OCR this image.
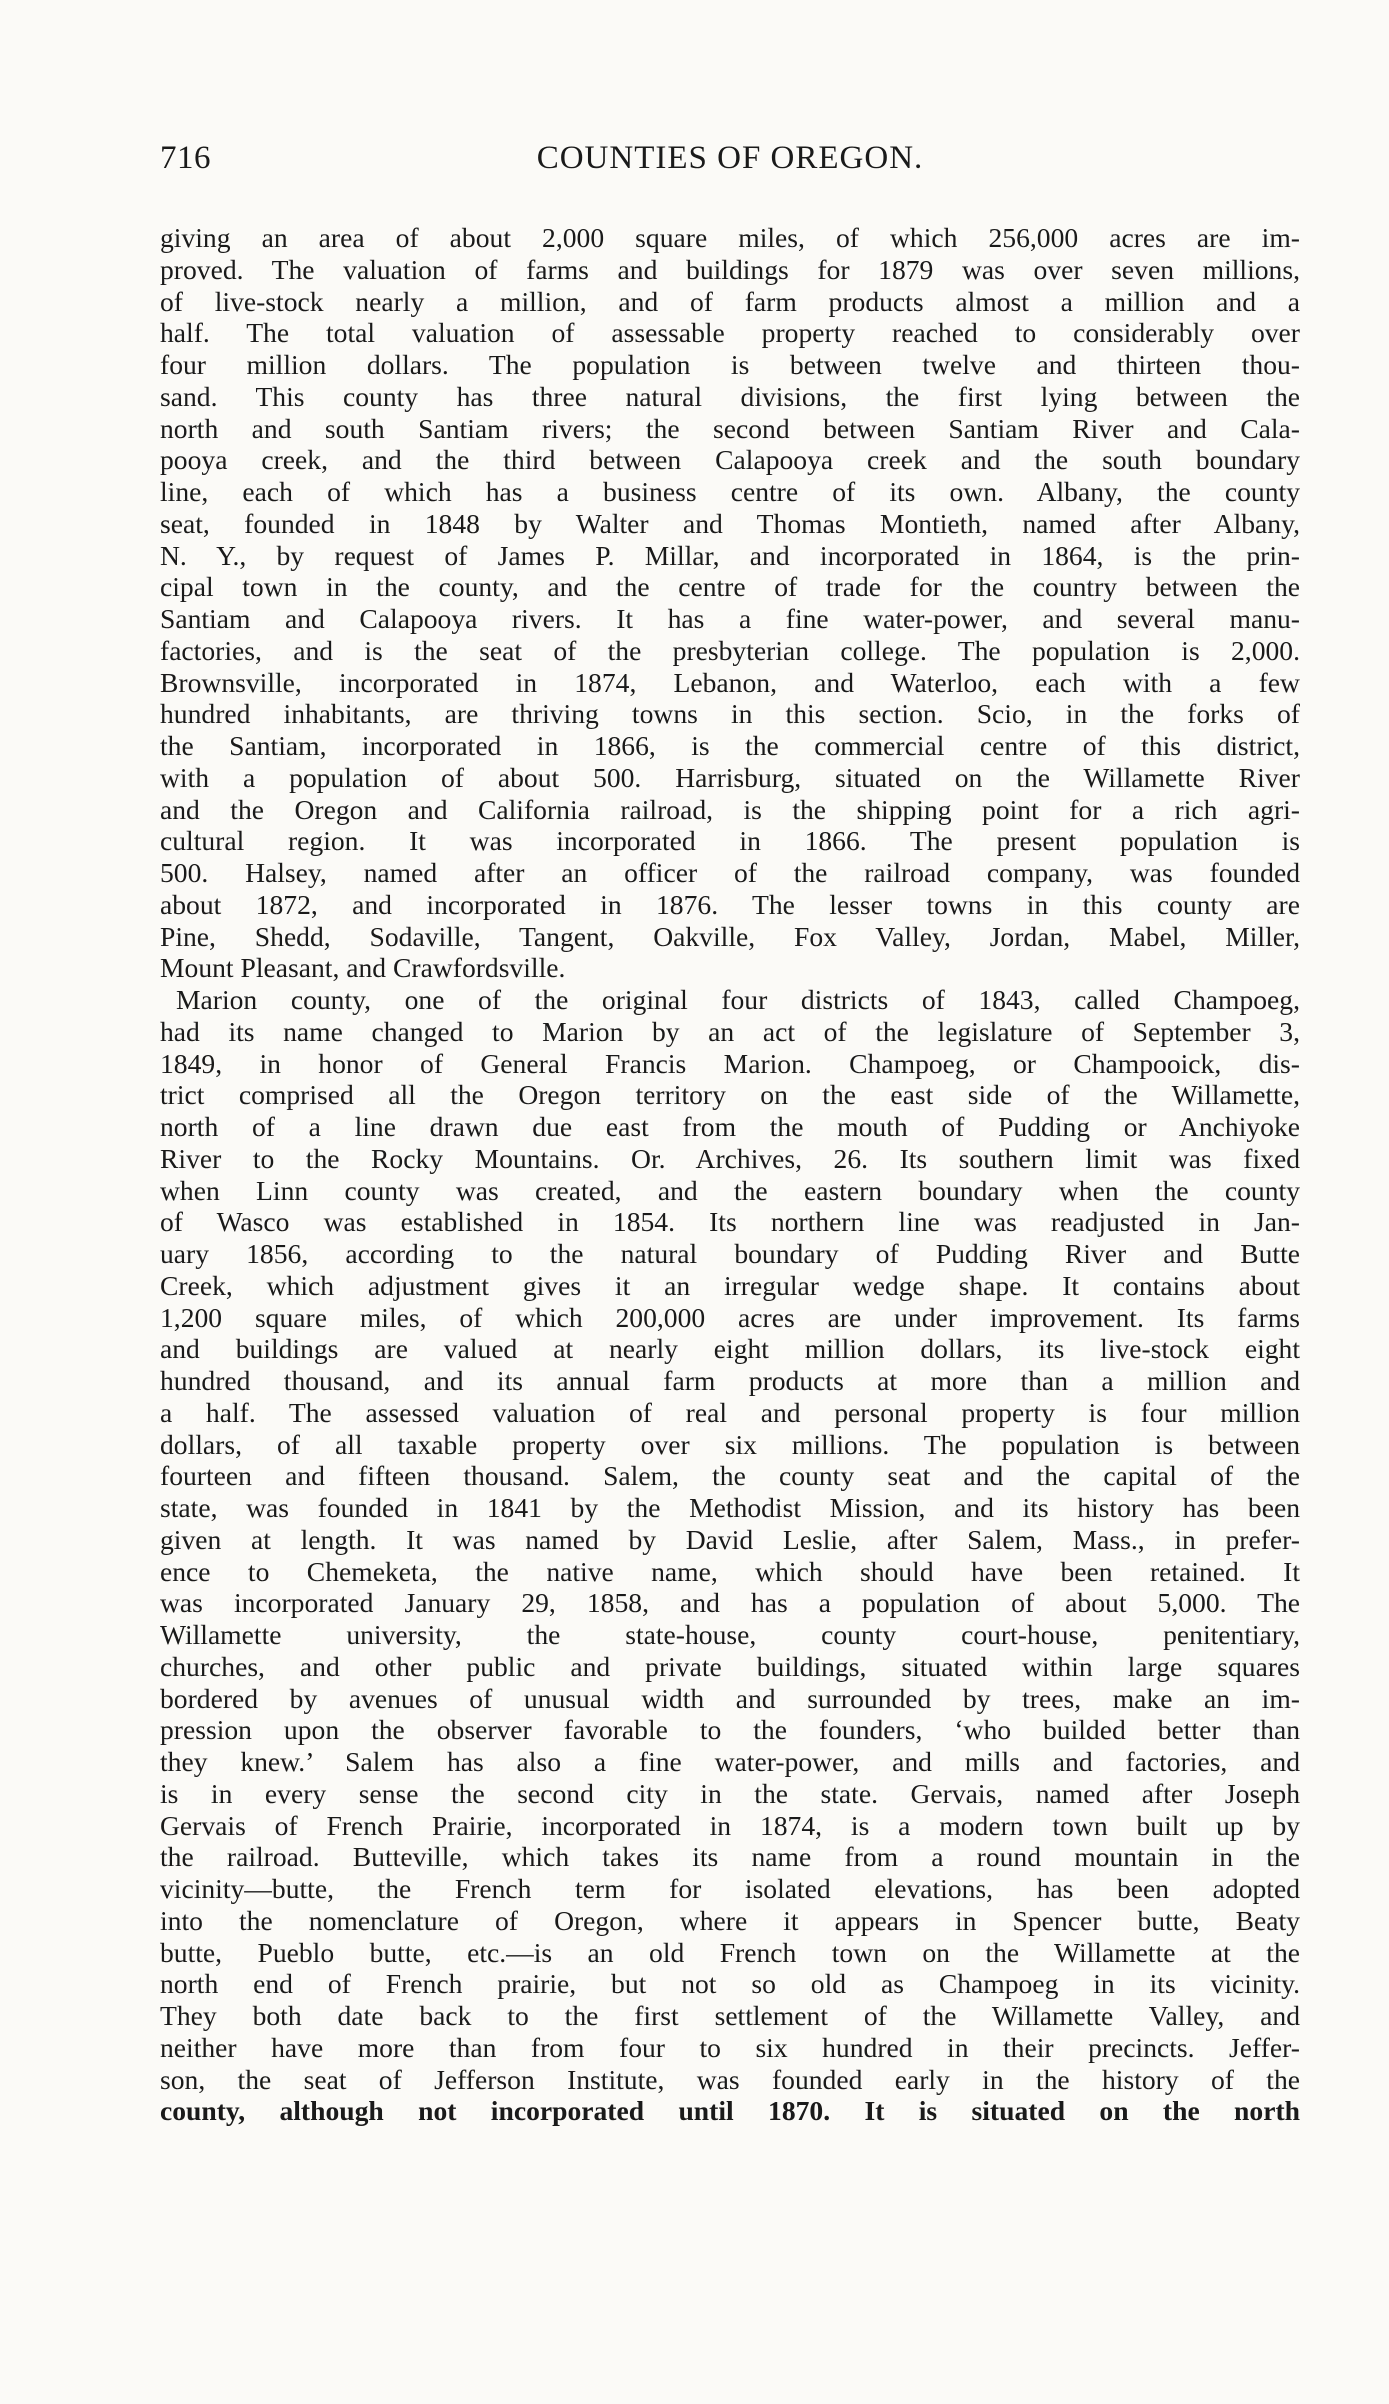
716	COUNTIES OF OREGON.
giving an area of about 2,000 square miles, of which 256,000 acres are im-
proved. The valuation of farms and buildings for 1879 was over seven millions,
of live-stock nearly a million, and of farm products almost a million and a
half. The total valuation of assessable property reached to considerably over
four million dollars. The population is between twelve and thirteen thou-
sand. This county has three natural divisions, the first lying between the
north and south Santiam rivers; the second between Santiam River and Cala-
pooya creek, and the third between Calapooya creek and the south boundary
line, each of which has a business centre of its own. Albany, the county
seat, founded in 1848 by Walter and Thomas Montieth, named after Albany,
N. Y., by request of James P. Millar, and incorporated in 1864, is the prin-
cipal town in the county, and the centre of trade for the country between the
Santiam and Calapooya rivers. It has a fine water-power, and several manu-
factories, and is the seat of the presbyterian college. The population is 2,000.
Brownsville, incorporated in 1874, Lebanon, and Waterloo, each with a few
hundred inhabitants, are thriving towns in this section. Scio, in the forks of
the Santiam, incorporated in 1866, is the commercial centre of this district,
with a population of about 500. Harrisburg, situated on the Willamette River
and the Oregon and California railroad, is the shipping point for a rich agri-
cultural region. It was incorporated in 1866. The present population is
500. Halsey, named after an officer of the railroad company, was founded
about 1872, and incorporated in 1876. The lesser towns in this county are
Pine, Shedd, Sodaville, Tangent, Oakville, Fox Valley, Jordan, Mabel, Miller,
Mount Pleasant, and Crawfordsville.
Marion county, one of the original four districts of 1843, called Champoeg,
had its name changed to Marion by an act of the legislature of September 3,
1849, in honor of General Francis Marion. Champoeg, or Champooick, dis-
trict comprised all the Oregon territory on the east side of the Willamette,
north of a line drawn due east from the mouth of Pudding or Anchiyoke
River to the Rocky Mountains. Or. Archives, 26. Its southern limit was fixed
when Linn county was created, and the eastern boundary when the county
of Wasco was established in 1854. Its northern line was readjusted in Jan-
uary 1856, according to the natural boundary of Pudding River and Butte
Creek, which adjustment gives it an irregular wedge shape. It contains about
1,200 square miles, of which 200,000 acres are under improvement. Its farms
and buildings are valued at nearly eight million dollars, its live-stock eight
hundred thousand, and its annual farm products at more than a million and
a half. The assessed valuation of real and personal property is four million
dollars, of all taxable property over six millions. The population is between
fourteen and fifteen thousand. Salem, the county seat and the capital of the
state, was founded in 1841 by the Methodist Mission, and its history has been
given at length. It was named by David Leslie, after Salem, Mass., in prefer-
ence to Chemeketa, the native name, which should have been retained. It
was incorporated January 29, 1858, and has a population of about 5,000. The
Willamette university, the state-house, county court-house, penitentiary,
churches, and other public and private buildings, situated within large squares
bordered by avenues of unusual width and surrounded by trees, make an im-
pression upon the observer favorable to the founders, ‘who builded better than
they knew.’ Salem has also a fine water-power, and mills and factories, and
is in every sense the second city in the state. Gervais, named after Joseph
Gervais of French Prairie, incorporated in 1874, is a modern town built up by
the railroad. Butteville, which takes its name from a round mountain in the
vicinity—butte, the French term for isolated elevations, has been adopted
into the nomenclature of Oregon, where it appears in Spencer butte, Beaty
butte, Pueblo butte, etc.—is an old French town on the Willamette at the
north end of French prairie, but not so old as Champoeg in its vicinity.
They both date back to the first settlement of the Willamette Valley, and
neither have more than from four to six hundred in their precincts. Jeffer-
son, the seat of Jefferson Institute, was founded early in the history of the
county, although not incorporated until 1870. It is situated on the north
